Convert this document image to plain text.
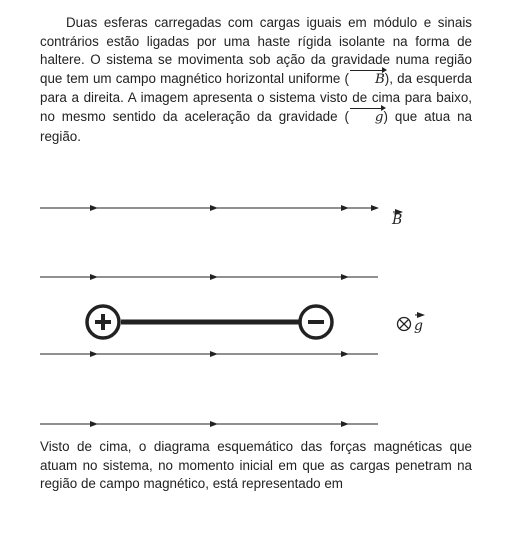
Duas esferas carregadas com cargas iguais em módulo e sinais contrários estão ligadas por uma haste rígida isolante na forma de haltere. O sistema se movimenta sob ação da gravidade numa região que tem um campo magnético horizontal uniforme ( B), da esquerda para a direita. A imagem apresenta o sistema visto de cima para baixo, no mesmo sentido da aceleração da gravidade ( g) que atua na região.

B
g
⊗

Visto de cima, o diagrama esquemático das forças magnéticas que atuam no sistema, no momento inicial em que as cargas penetram na região de campo magnético, está representado em
